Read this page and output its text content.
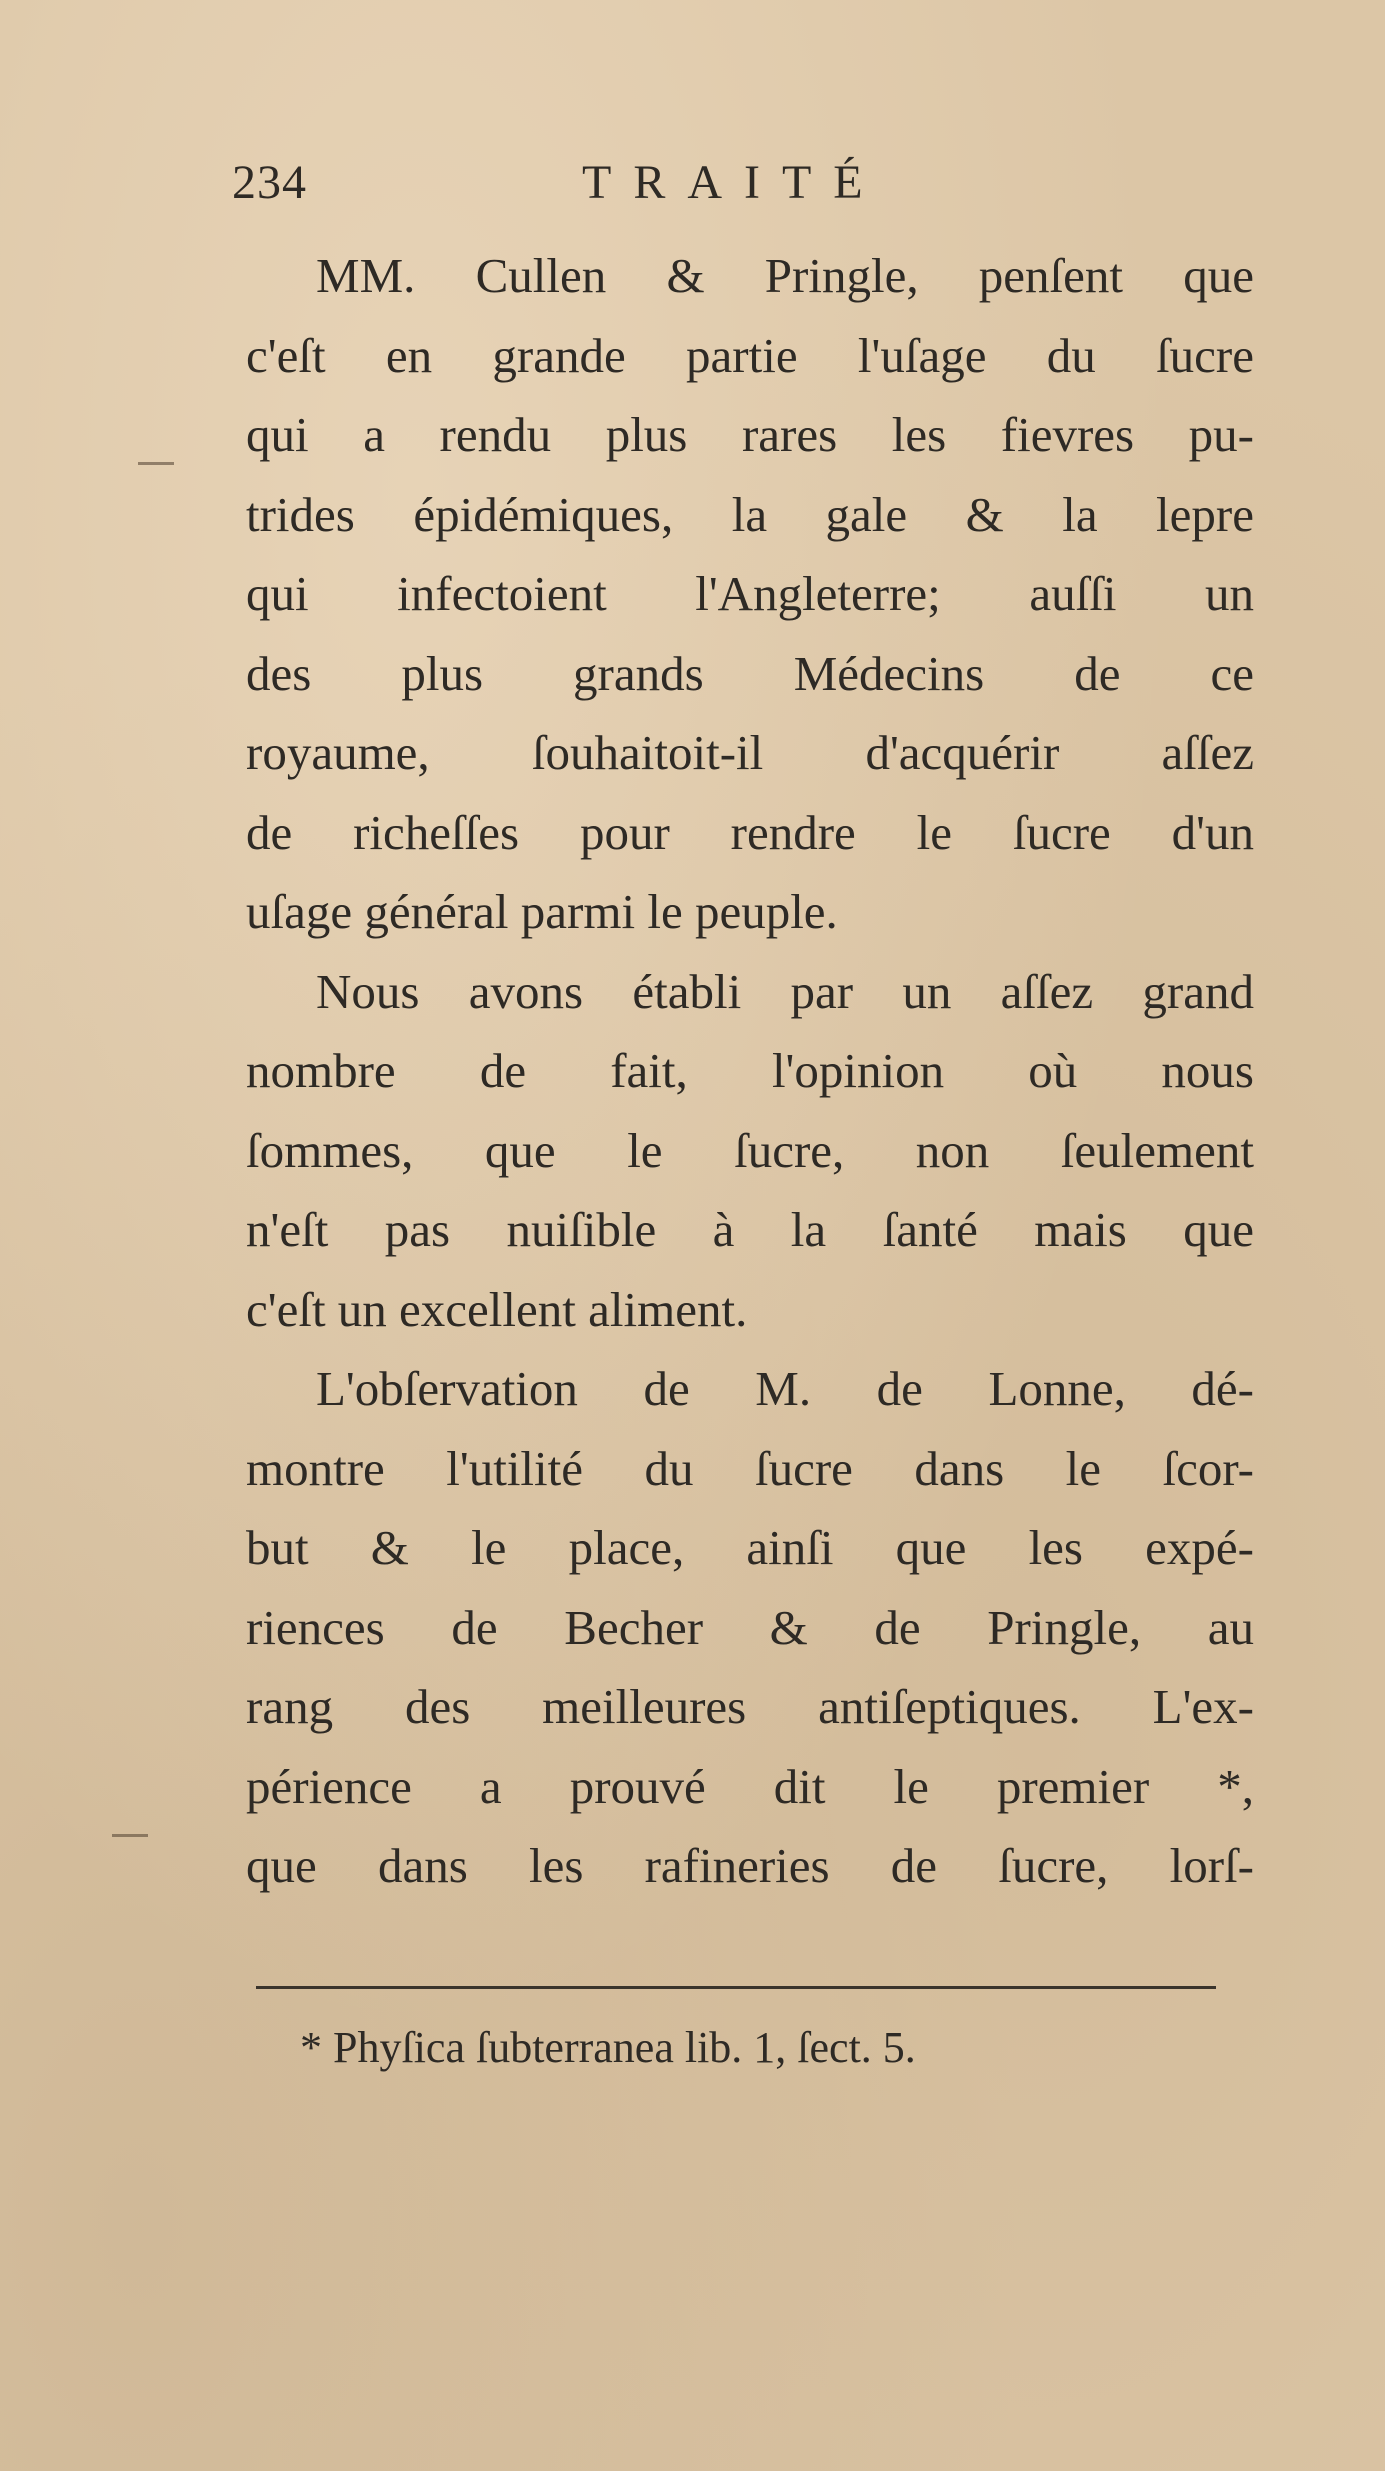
234	TRAITÉ
MM. Cullen & Pringle, penſent que
c'eſt en grande partie l'uſage du ſucre
qui a rendu plus rares les fievres pu-
trides épidémiques, la gale & la lepre
qui infectoient l'Angleterre; auſſi un
des plus grands Médecins de ce
royaume, ſouhaitoit-il d'acquérir aſſez
de richeſſes pour rendre le ſucre d'un
uſage général parmi le peuple.
Nous avons établi par un aſſez grand
nombre de fait, l'opinion où nous
ſommes, que le ſucre, non ſeulement
n'eſt pas nuiſible à la ſanté mais que
c'eſt un excellent aliment.
L'obſervation de M. de Lonne, dé-
montre l'utilité du ſucre dans le ſcor-
but & le place, ainſi que les expé-
riences de Becher & de Pringle, au
rang des meilleures antiſeptiques. L'ex-
périence a prouvé dit le premier *,
que dans les rafineries de ſucre, lorſ-
* Phyſica ſubterranea lib. 1, ſect. 5.
